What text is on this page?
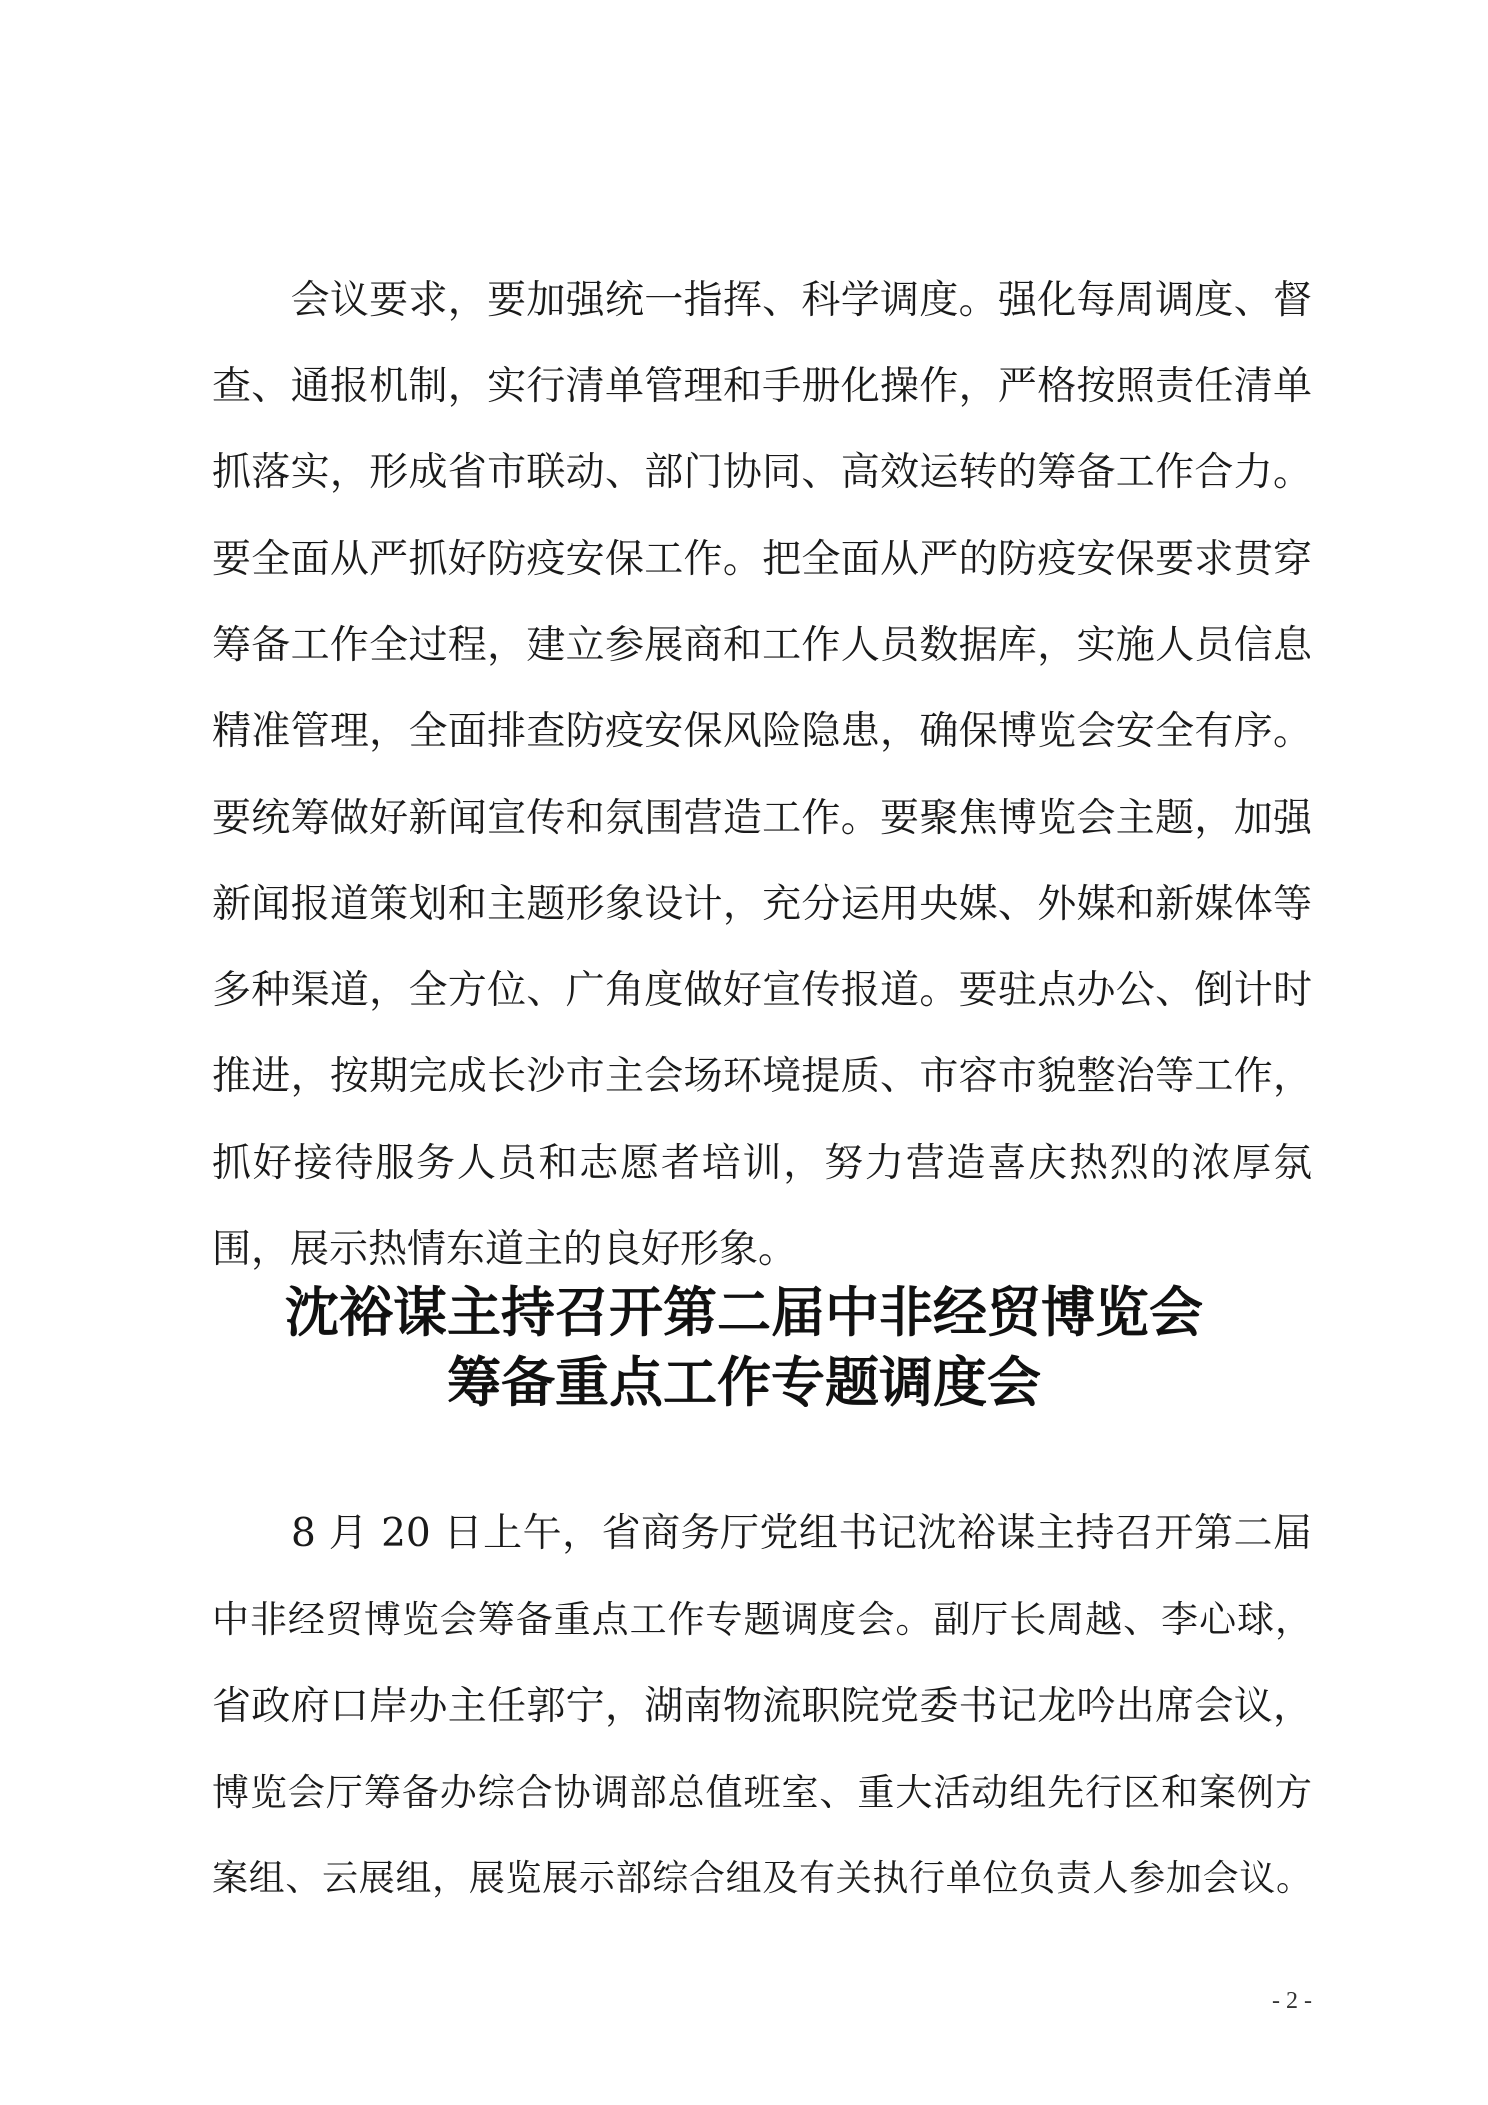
　　会议要求，要加强统一指挥、科学调度。强化每周调度、督
查、通报机制，实行清单管理和手册化操作，严格按照责任清单
抓落实，形成省市联动、部门协同、高效运转的筹备工作合力。
要全面从严抓好防疫安保工作。把全面从严的防疫安保要求贯穿
筹备工作全过程，建立参展商和工作人员数据库，实施人员信息
精准管理，全面排查防疫安保风险隐患，确保博览会安全有序。
要统筹做好新闻宣传和氛围营造工作。要聚焦博览会主题，加强
新闻报道策划和主题形象设计，充分运用央媒、外媒和新媒体等
多种渠道，全方位、广角度做好宣传报道。要驻点办公、倒计时
推进，按期完成长沙市主会场环境提质、市容市貌整治等工作，
抓好接待服务人员和志愿者培训，努力营造喜庆热烈的浓厚氛
围，展示热情东道主的良好形象。
沈裕谋主持召开第二届中非经贸博览会
筹备重点工作专题调度会
　　8 月 20 日上午，省商务厅党组书记沈裕谋主持召开第二届
中非经贸博览会筹备重点工作专题调度会。副厅长周越、李心球，
省政府口岸办主任郭宁，湖南物流职院党委书记龙吟出席会议，
博览会厅筹备办综合协调部总值班室、重大活动组先行区和案例方
案组、云展组，展览展示部综合组及有关执行单位负责人参加会议。
- 2 -
